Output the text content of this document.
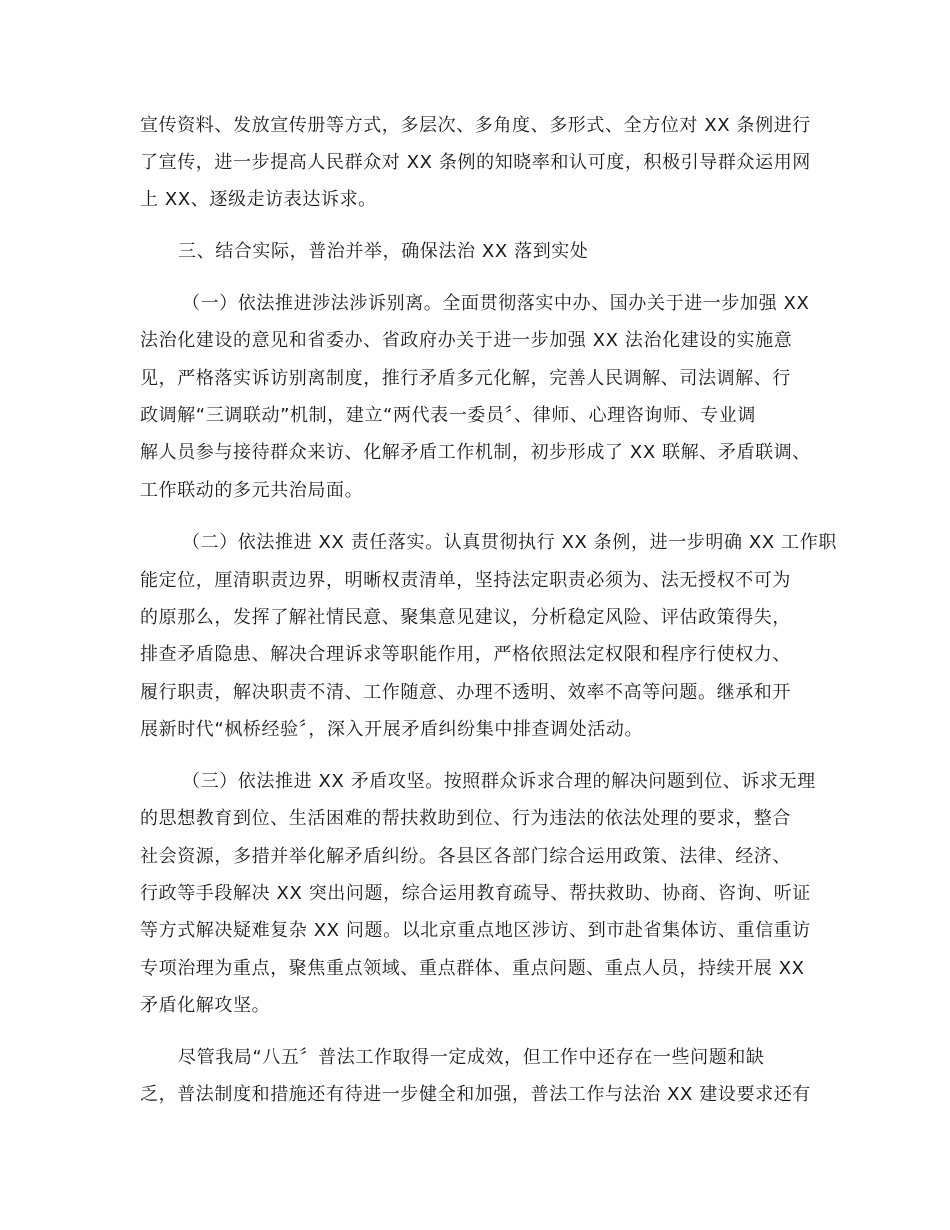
宣传资料、发放宣传册等方式，多层次、多角度、多形式、全方位对 XX 条例进行
了宣传，进一步提高人民群众对 XX 条例的知晓率和认可度，积极引导群众运用网
上 XX、逐级走访表达诉求。
三、结合实际，普治并举，确保法治 XX 落到实处
（一）依法推进涉法涉诉别离。全面贯彻落实中办、国办关于进一步加强 XX
法治化建设的意见和省委办、省政府办关于进一步加强 XX 法治化建设的实施意
见，严格落实诉访别离制度，推行矛盾多元化解，完善人民调解、司法调解、行
政调解“三调联动”机制，建立“两代表一委员〞、律师、心理咨询师、专业调
解人员参与接待群众来访、化解矛盾工作机制，初步形成了 XX 联解、矛盾联调、
工作联动的多元共治局面。
（二）依法推进 XX 责任落实。认真贯彻执行 XX 条例，进一步明确 XX 工作职
能定位，厘清职责边界，明晰权责清单，坚持法定职责必须为、法无授权不可为
的原那么，发挥了解社情民意、聚集意见建议，分析稳定风险、评估政策得失，
排查矛盾隐患、解决合理诉求等职能作用，严格依照法定权限和程序行使权力、
履行职责，解决职责不清、工作随意、办理不透明、效率不高等问题。继承和开
展新时代“枫桥经验〞，深入开展矛盾纠纷集中排查调处活动。
（三）依法推进 XX 矛盾攻坚。按照群众诉求合理的解决问题到位、诉求无理
的思想教育到位、生活困难的帮扶救助到位、行为违法的依法处理的要求，整合
社会资源，多措并举化解矛盾纠纷。各县区各部门综合运用政策、法律、经济、
行政等手段解决 XX 突出问题，综合运用教育疏导、帮扶救助、协商、咨询、听证
等方式解决疑难复杂 XX 问题。以北京重点地区涉访、到市赴省集体访、重信重访
专项治理为重点，聚焦重点领域、重点群体、重点问题、重点人员，持续开展 XX
矛盾化解攻坚。
尽管我局“八五〞普法工作取得一定成效，但工作中还存在一些问题和缺
乏，普法制度和措施还有待进一步健全和加强，普法工作与法治 XX 建设要求还有
